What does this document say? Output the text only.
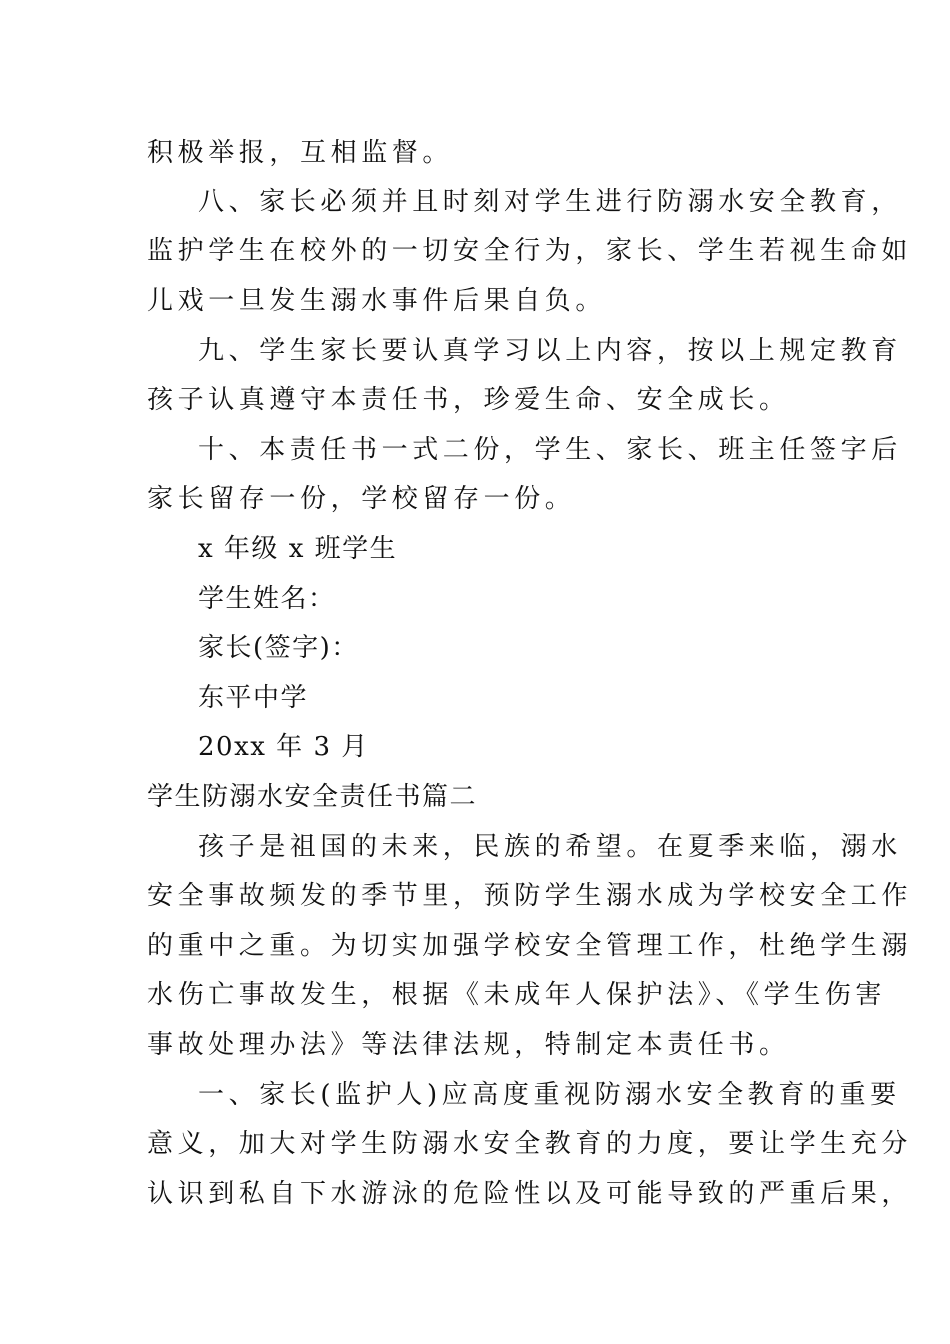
积极举报，互相监督。
八、家长必须并且时刻对学生进行防溺水安全教育，
监护学生在校外的一切安全行为，家长、学生若视生命如
儿戏一旦发生溺水事件后果自负。
九、学生家长要认真学习以上内容，按以上规定教育
孩子认真遵守本责任书，珍爱生命、安全成长。
十、本责任书一式二份，学生、家长、班主任签字后
家长留存一份，学校留存一份。
x 年级 x 班学生
学生姓名：
家长(签字)：
东平中学
20xx 年 3 月
学生防溺水安全责任书篇二
孩子是祖国的未来，民族的希望。在夏季来临，溺水
安全事故频发的季节里，预防学生溺水成为学校安全工作
的重中之重。为切实加强学校安全管理工作，杜绝学生溺
水伤亡事故发生，根据《未成年人保护法》、《学生伤害
事故处理办法》等法律法规，特制定本责任书。
一、家长(监护人)应高度重视防溺水安全教育的重要
意义，加大对学生防溺水安全教育的力度，要让学生充分
认识到私自下水游泳的危险性以及可能导致的严重后果，
